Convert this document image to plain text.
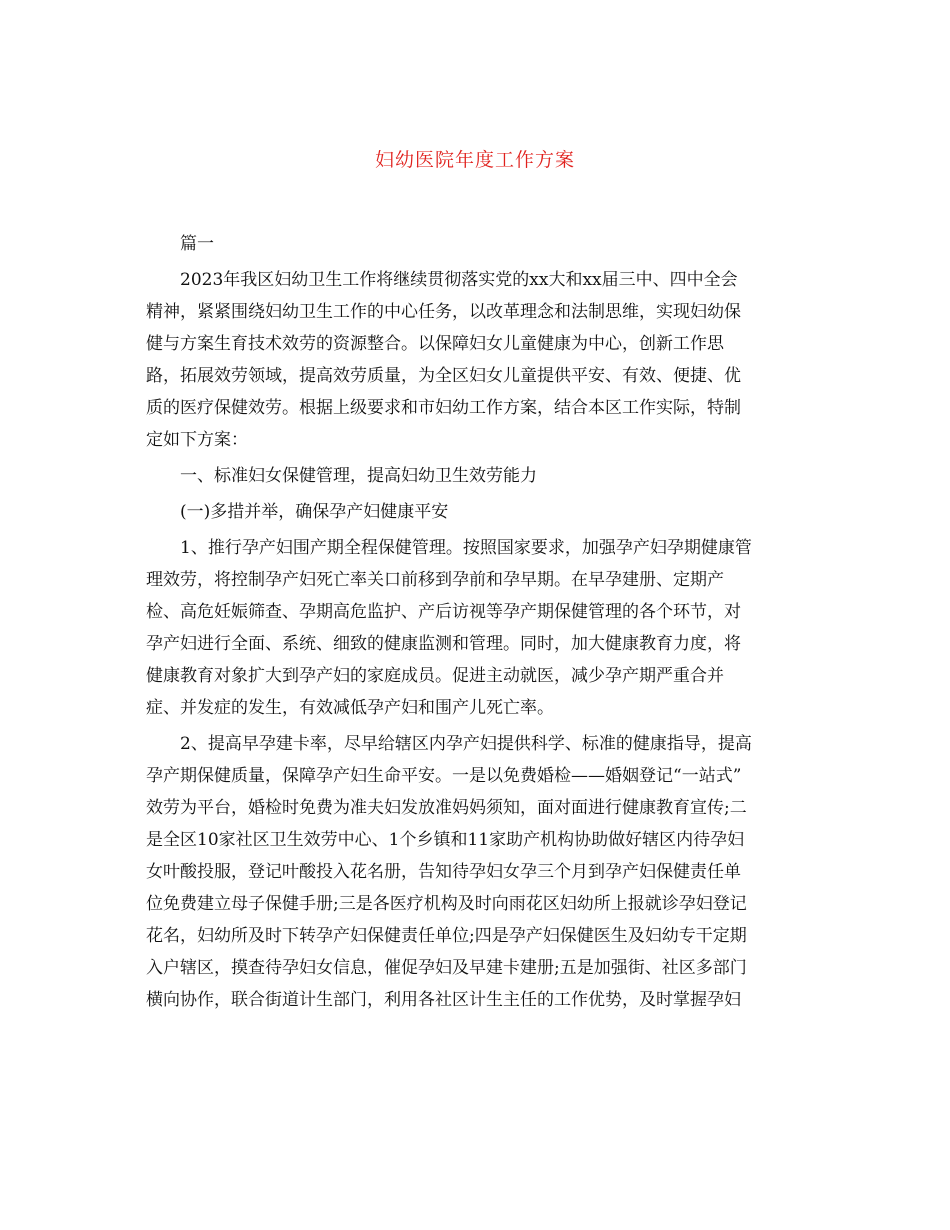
妇幼医院年度工作方案
篇一
2023年我区妇幼卫生工作将继续贯彻落实党的xx大和xx届三中、四中全会
精神，紧紧围绕妇幼卫生工作的中心任务，以改革理念和法制思维，实现妇幼保
健与方案生育技术效劳的资源整合。以保障妇女儿童健康为中心，创新工作思
路，拓展效劳领域，提高效劳质量，为全区妇女儿童提供平安、有效、便捷、优
质的医疗保健效劳。根据上级要求和市妇幼工作方案，结合本区工作实际，特制
定如下方案：
一、标准妇女保健管理，提高妇幼卫生效劳能力
(一)多措并举，确保孕产妇健康平安
1、推行孕产妇围产期全程保健管理。按照国家要求，加强孕产妇孕期健康管
理效劳，将控制孕产妇死亡率关口前移到孕前和孕早期。在早孕建册、定期产
检、高危妊娠筛查、孕期高危监护、产后访视等孕产期保健管理的各个环节，对
孕产妇进行全面、系统、细致的健康监测和管理。同时，加大健康教育力度，将
健康教育对象扩大到孕产妇的家庭成员。促进主动就医，减少孕产期严重合并
症、并发症的发生，有效减低孕产妇和围产儿死亡率。
2、提高早孕建卡率，尽早给辖区内孕产妇提供科学、标准的健康指导，提高
孕产期保健质量，保障孕产妇生命平安。一是以免费婚检——婚姻登记“一站式”
效劳为平台，婚检时免费为准夫妇发放准妈妈须知，面对面进行健康教育宣传;二
是全区10家社区卫生效劳中心、1个乡镇和11家助产机构协助做好辖区内待孕妇
女叶酸投服，登记叶酸投入花名册，告知待孕妇女孕三个月到孕产妇保健责任单
位免费建立母子保健手册;三是各医疗机构及时向雨花区妇幼所上报就诊孕妇登记
花名，妇幼所及时下转孕产妇保健责任单位;四是孕产妇保健医生及妇幼专干定期
入户辖区，摸查待孕妇女信息，催促孕妇及早建卡建册;五是加强街、社区多部门
横向协作，联合街道计生部门，利用各社区计生主任的工作优势，及时掌握孕妇
